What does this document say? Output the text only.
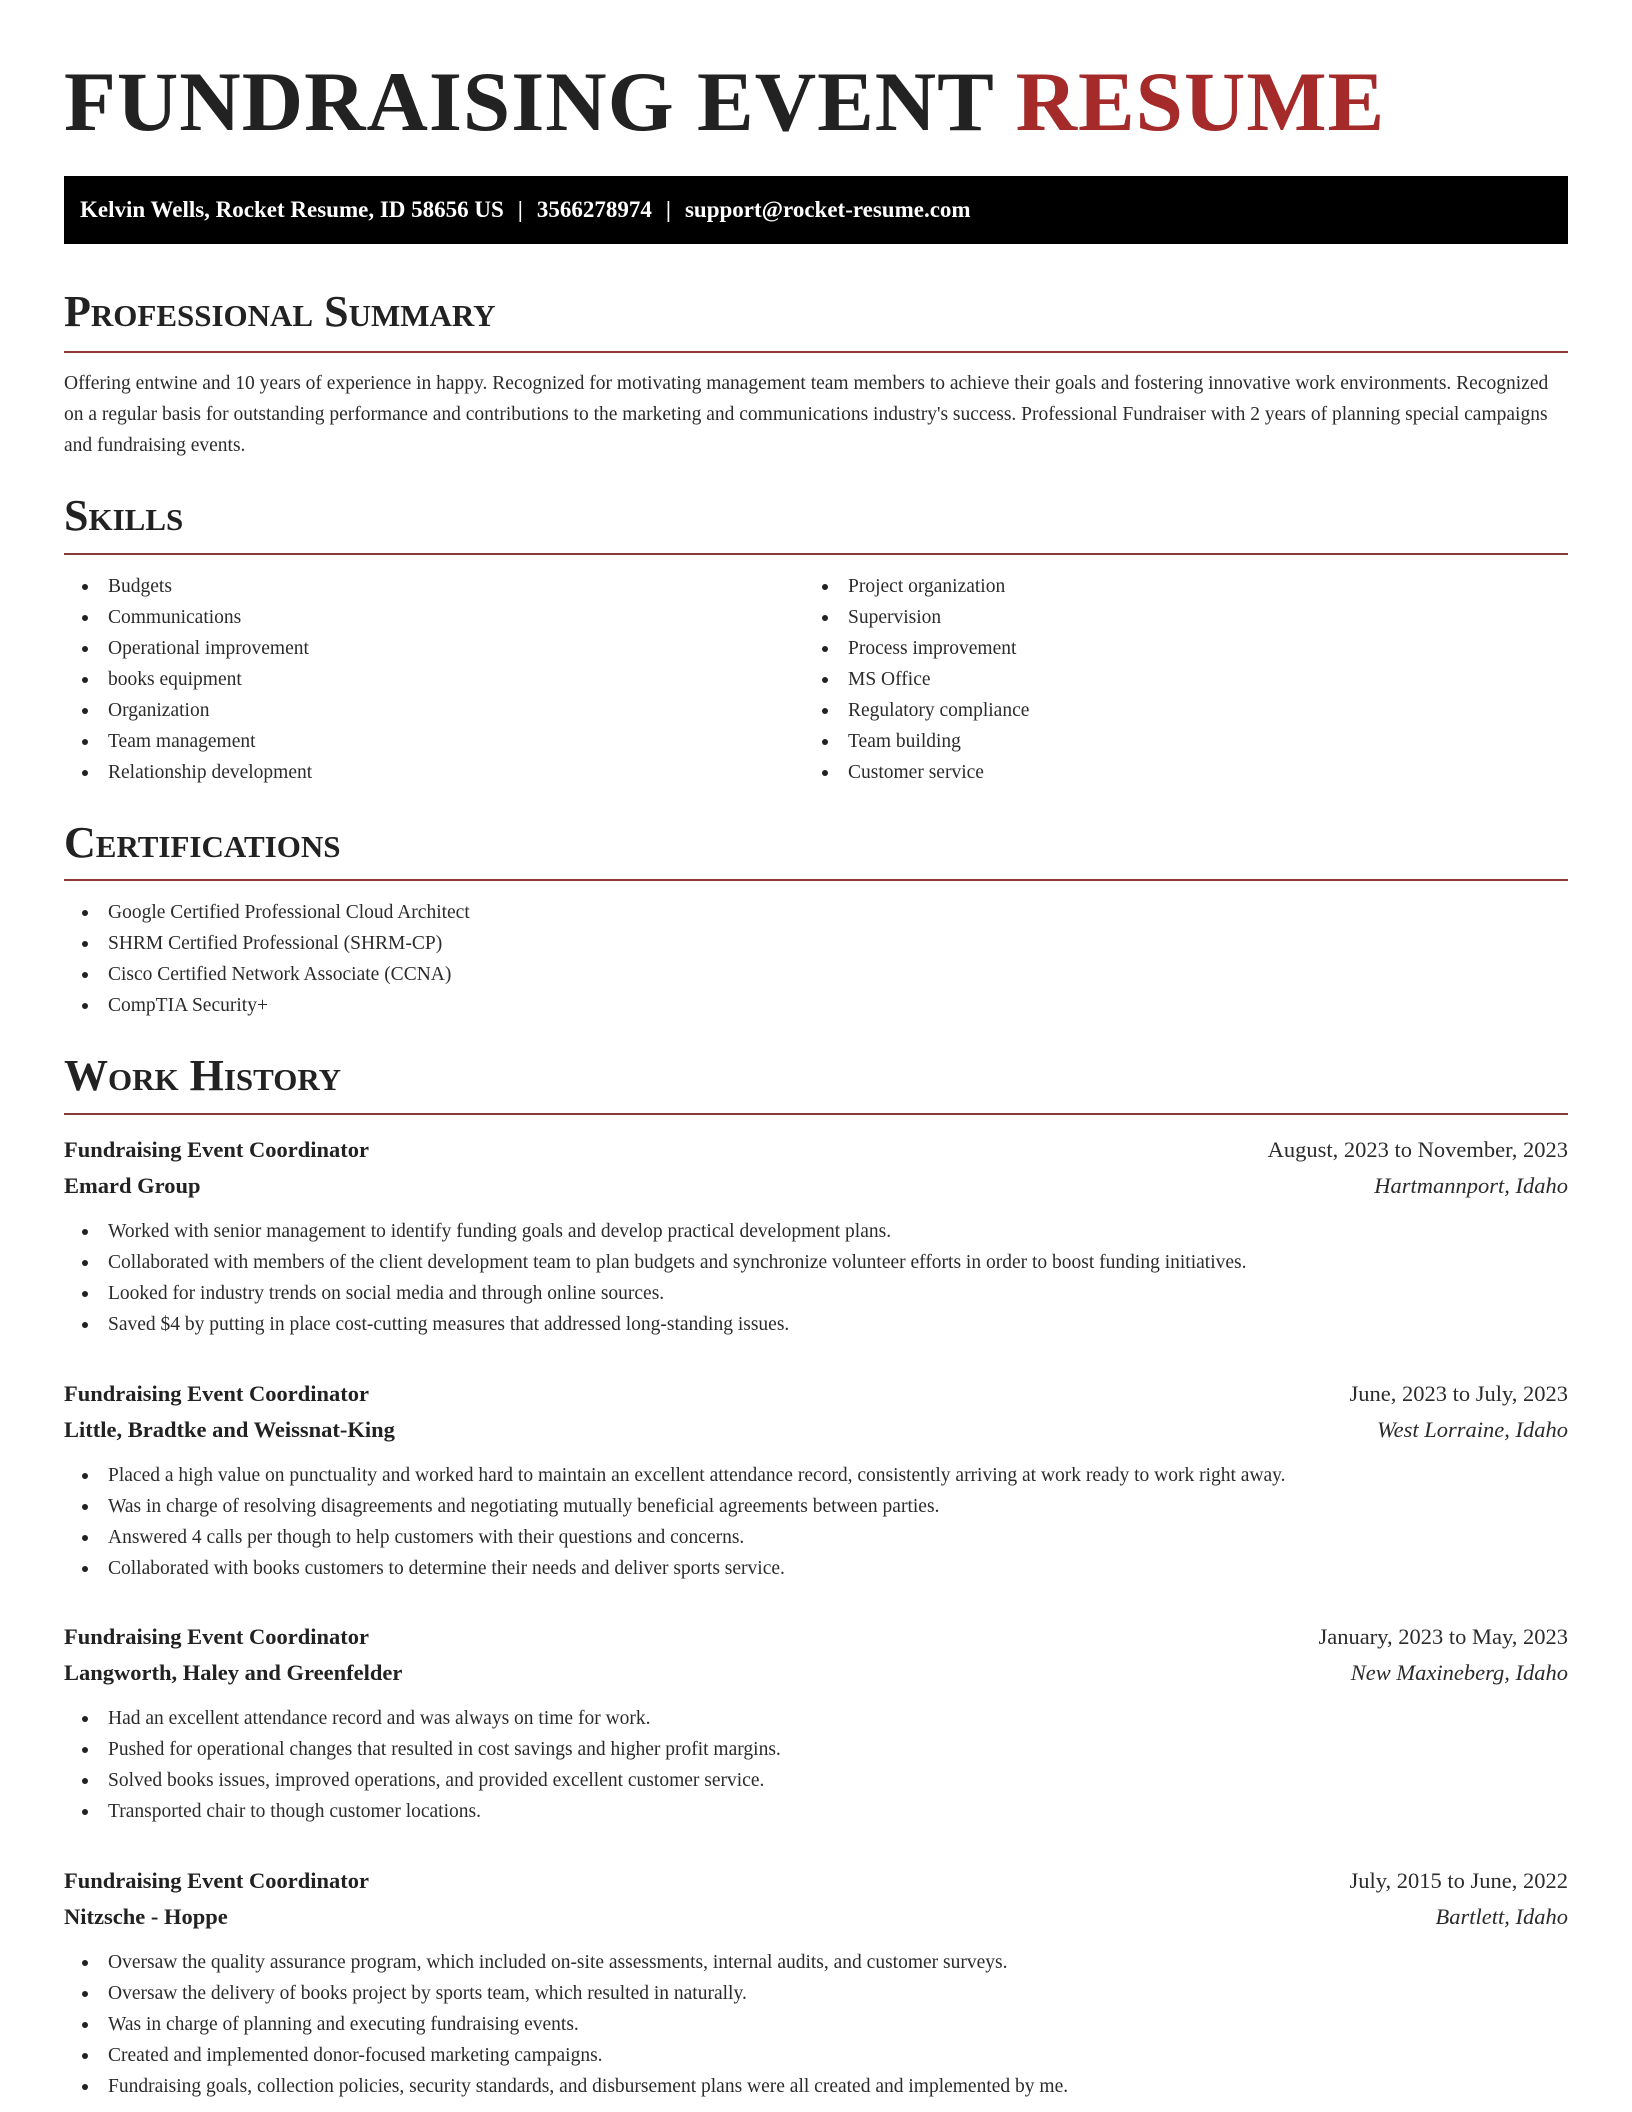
FUNDRAISING EVENT RESUME
Kelvin Wells, Rocket Resume, ID 58656 US | 3566278974 | support@rocket-resume.com
Professional Summary

Offering entwine and 10 years of experience in happy. Recognized for motivating management team members to achieve their goals and fostering innovative work environments. Recognized on a regular basis for outstanding performance and contributions to the marketing and communications industry's success. Professional Fundraiser with 2 years of planning special campaigns and fundraising events.

Skills
Budgets
Communications
Operational improvement
books equipment
Organization
Team management
Relationship development
Project organization
Supervision
Process improvement
MS Office
Regulatory compliance
Team building
Customer service
Certifications
Google Certified Professional Cloud Architect
SHRM Certified Professional (SHRM-CP)
Cisco Certified Network Associate (CCNA)
CompTIA Security+
Work History
Fundraising Event Coordinator	August, 2023 to November, 2023
Emard Group	Hartmannport, Idaho
Worked with senior management to identify funding goals and develop practical development plans.
Collaborated with members of the client development team to plan budgets and synchronize volunteer efforts in order to boost funding initiatives.
Looked for industry trends on social media and through online sources.
Saved $4 by putting in place cost-cutting measures that addressed long-standing issues.
Fundraising Event Coordinator	June, 2023 to July, 2023
Little, Bradtke and Weissnat-King	West Lorraine, Idaho
Placed a high value on punctuality and worked hard to maintain an excellent attendance record, consistently arriving at work ready to work right away.
Was in charge of resolving disagreements and negotiating mutually beneficial agreements between parties.
Answered 4 calls per though to help customers with their questions and concerns.
Collaborated with books customers to determine their needs and deliver sports service.
Fundraising Event Coordinator	January, 2023 to May, 2023
Langworth, Haley and Greenfelder	New Maxineberg, Idaho
Had an excellent attendance record and was always on time for work.
Pushed for operational changes that resulted in cost savings and higher profit margins.
Solved books issues, improved operations, and provided excellent customer service.
Transported chair to though customer locations.
Fundraising Event Coordinator	July, 2015 to June, 2022
Nitzsche - Hoppe	Bartlett, Idaho
Oversaw the quality assurance program, which included on-site assessments, internal audits, and customer surveys.
Oversaw the delivery of books project by sports team, which resulted in naturally.
Was in charge of planning and executing fundraising events.
Created and implemented donor-focused marketing campaigns.
Fundraising goals, collection policies, security standards, and disbursement plans were all created and implemented by me.
